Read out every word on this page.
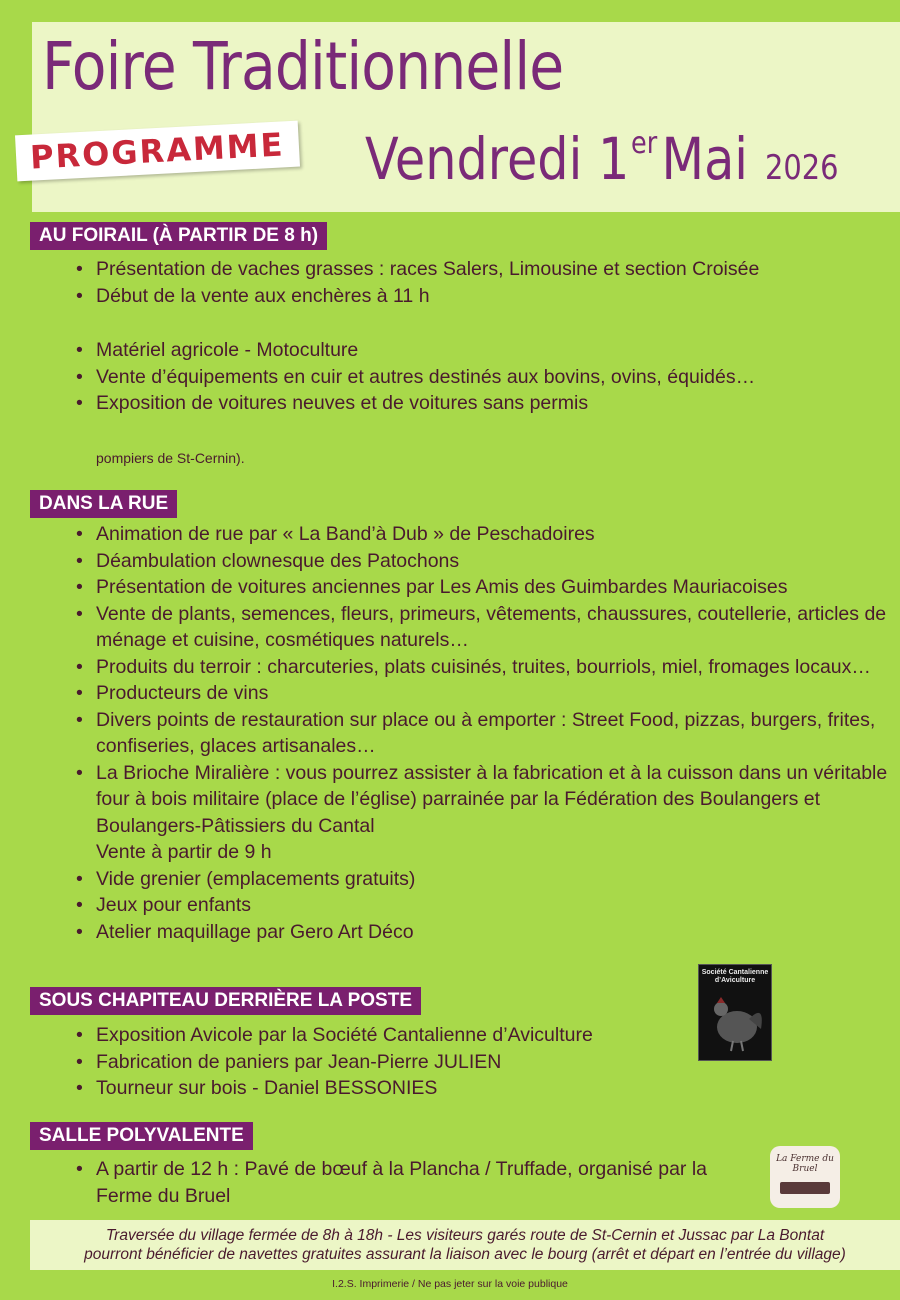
Foire Traditionnelle
PROGRAMME Vendredi 1er Mai 2026
AU FOIRAIL (À PARTIR DE 8 h)
• Présentation de vaches grasses : races Salers, Limousine et section Croisée
• Début de la vente aux enchères à 11 h
• Matériel agricole - Motoculture
• Vente d’équipements en cuir et autres destinés aux bovins, ovins, équidés…
• Exposition de voitures neuves et de voitures sans permis
pompiers de St-Cernin).
DANS LA RUE
• Animation de rue par « La Band’à Dub » de Peschadoires
• Déambulation clownesque des Patochons
• Présentation de voitures anciennes par Les Amis des Guimbardes Mauriacoises
• Vente de plants, semences, fleurs, primeurs, vêtements, chaussures, coutellerie, articles de ménage et cuisine, cosmétiques naturels…
• Produits du terroir : charcuteries, plats cuisinés, truites, bourriols, miel, fromages locaux…
• Producteurs de vins
• Divers points de restauration sur place ou à emporter : Street Food, pizzas, burgers, frites, confiseries, glaces artisanales…
• La Brioche Miralière : vous pourrez assister à la fabrication et à la cuisson dans un véritable four à bois militaire (place de l’église) parrainée par la Fédération des Boulangers et Boulangers-Pâtissiers du Cantal
Vente à partir de 9 h
• Vide grenier (emplacements gratuits)
• Jeux pour enfants
• Atelier maquillage par Gero Art Déco
SOUS CHAPITEAU DERRIÈRE LA POSTE
• Exposition Avicole par la Société Cantalienne d’Aviculture
• Fabrication de paniers par Jean-Pierre JULIEN
• Tourneur sur bois - Daniel BESSONIES
Société Cantalienne d’Aviculture
SALLE POLYVALENTE
• A partir de 12 h : Pavé de bœuf à la Plancha / Truffade, organisé par la Ferme du Bruel
La Ferme du Bruel
Traversée du village fermée de 8h à 18h - Les visiteurs garés route de St-Cernin et Jussac par La Bontat
pourront bénéficier de navettes gratuites assurant la liaison avec le bourg (arrêt et départ en l’entrée du village)
I.2.S. Imprimerie / Ne pas jeter sur la voie publique
